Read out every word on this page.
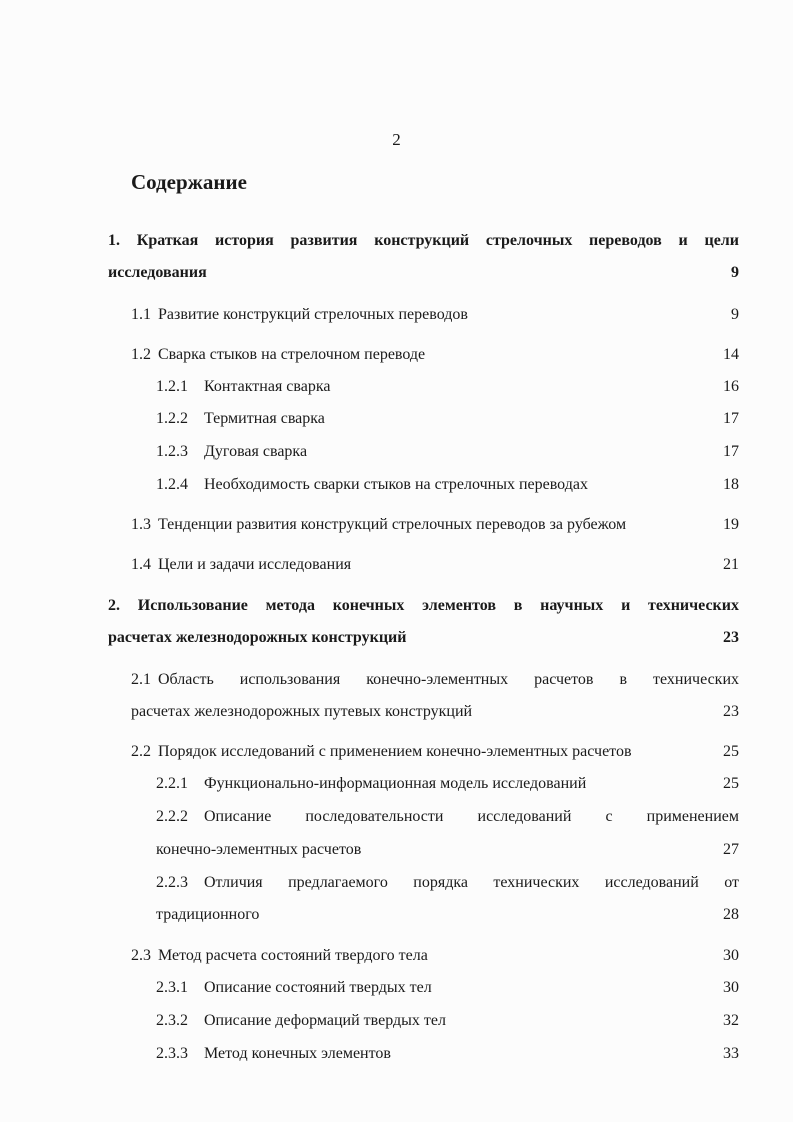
2
Содержание
1. Краткая история развития конструкций стрелочных переводов и цели
исследования	9
1.1 Развитие конструкций стрелочных переводов	9
1.2 Сварка стыков на стрелочном переводе	14
1.2.1	Контактная сварка	16
1.2.2	Термитная сварка	17
1.2.3	Дуговая сварка	17
1.2.4	Необходимость сварки стыков на стрелочных переводах	18
1.3 Тенденции развития конструкций стрелочных переводов за рубежом	19
1.4 Цели и задачи исследования	21
2. Использование метода конечных элементов в научных и технических
расчетах железнодорожных конструкций	23
2.1 Область использования конечно-элементных расчетов в технических
расчетах железнодорожных путевых конструкций	23
2.2 Порядок исследований с применением конечно-элементных расчетов	25
2.2.1	Функционально-информационная модель исследований	25
2.2.2	Описание последовательности исследований с применением
конечно-элементных расчетов	27
2.2.3	Отличия предлагаемого порядка технических исследований от
традиционного	28
2.3 Метод расчета состояний твердого тела	30
2.3.1	Описание состояний твердых тел	30
2.3.2	Описание деформаций твердых тел	32
2.3.3	Метод конечных элементов	33
